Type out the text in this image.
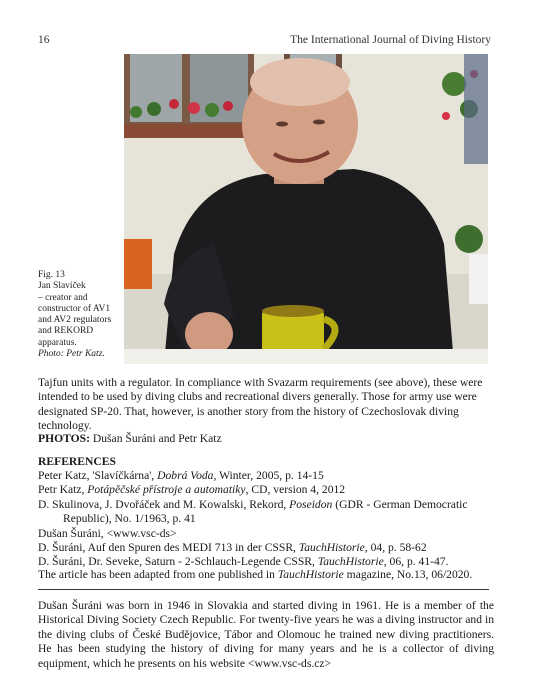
16	The International Journal of Diving History
Fig. 13
Jan Slavíček
– creator and
constructor of AV1
and AV2 regulators
and REKORD
apparatus.
Photo: Petr Katz.
Tajfun units with a regulator. In compliance with Svazarm requirements (see above), these were intended to be used by diving clubs and recreational divers generally. Those for army use were designated SP-20. That, however, is another story from the history of Czechoslovak diving technology.
PHOTOS: Dušan Šuráni and Petr Katz
REFERENCES
Peter Katz, 'Slavíčkárna', Dobrá Voda, Winter, 2005, p. 14-15
Petr Katz, Potápěčské přístroje a automatiky, CD, version 4, 2012
D. Skulinova, J. Dvořáček and M. Kowalski, Rekord, Poseidon (GDR - German Democratic Republic), No. 1/1963, p. 41
Dušan Šuráni, <www.vsc-ds>
D. Šuráni, Auf den Spuren des MEDI 713 in der CSSR, TauchHistorie, 04, p. 58-62
D. Šuráni, Dr. Seveke, Saturn - 2-Schlauch-Legende CSSR, TauchHistorie, 06, p. 41-47.
The article has been adapted from one published in TauchHistorie magazine, No.13, 06/2020.
Dušan Šuráni was born in 1946 in Slovakia and started diving in 1961. He is a member of the Historical Diving Society Czech Republic. For twenty-five years he was a diving instructor and in the diving clubs of České Budějovice, Tábor and Olomouc he trained new diving practitioners. He has been studying the history of diving for many years and he is a collector of diving equipment, which he presents on his website <www.vsc-ds.cz>
